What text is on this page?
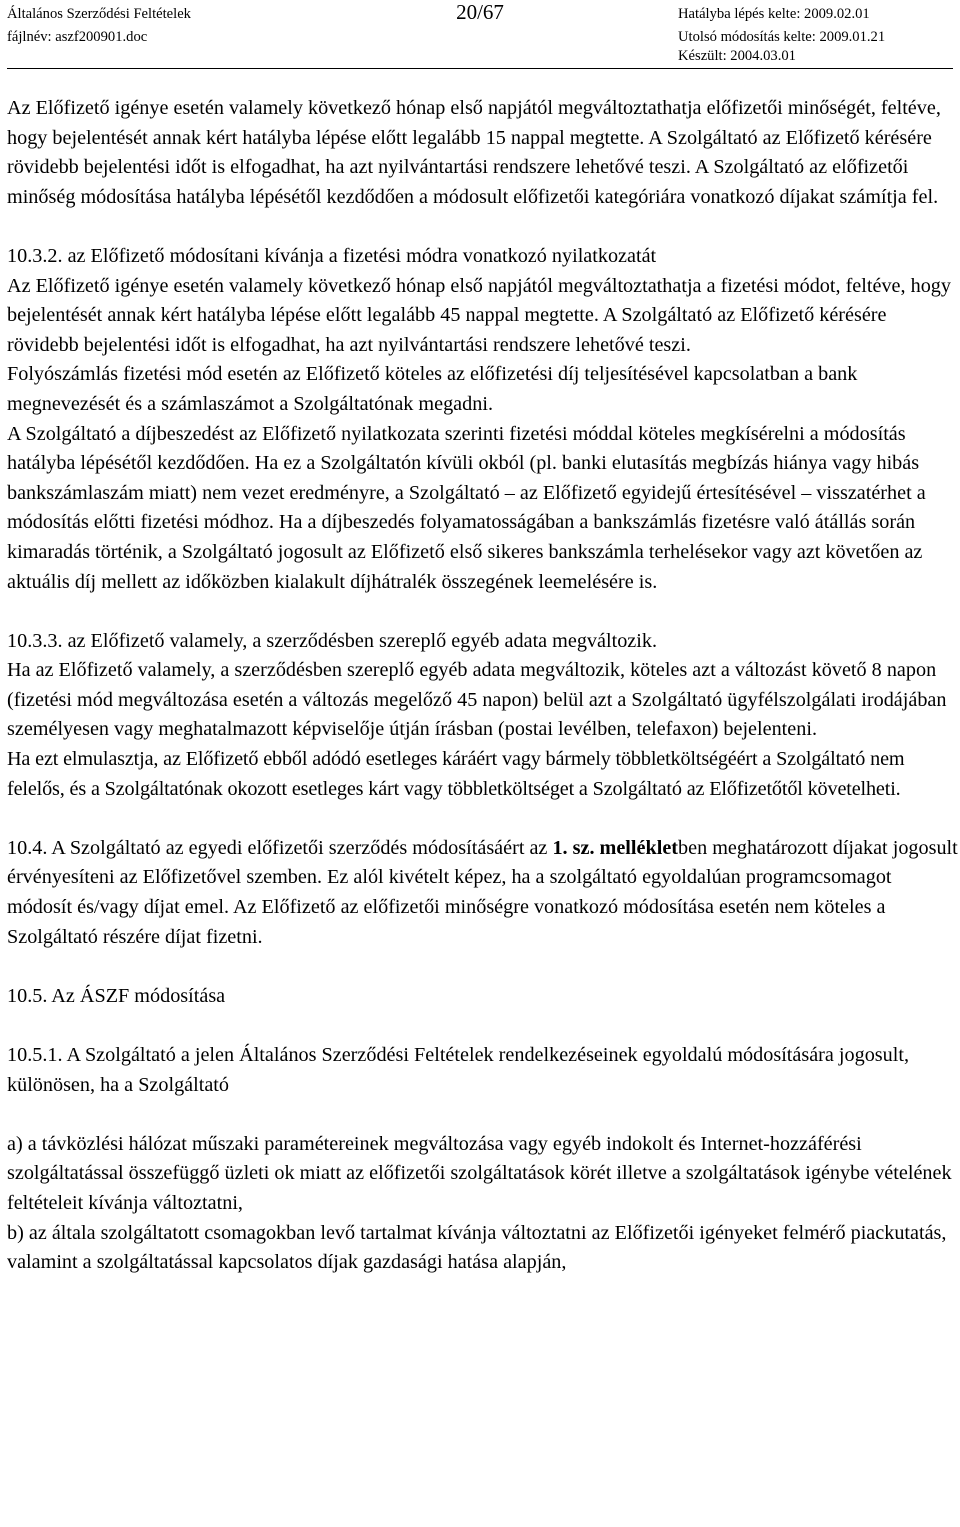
Általános Szerződési Feltételek
fájlnév: aszf200901.doc
20/67	Hatályba lépés kelte: 2009.02.01
Utolsó módosítás kelte: 2009.01.21
Készült: 2004.03.01

Az Előfizető igénye esetén valamely következő hónap első napjától megváltoztathatja előfizetői minőségét, feltéve, hogy bejelentését annak kért hatályba lépése előtt legalább 15 nappal megtette. A Szolgáltató az Előfizető kérésére rövidebb bejelentési időt is elfogadhat, ha azt nyilvántartási rendszere lehetővé teszi. A Szolgáltató az előfizetői minőség módosítása hatályba lépésétől kezdődően a módosult előfizetői kategóriára vonatkozó díjakat számítja fel.

10.3.2. az Előfizető módosítani kívánja a fizetési módra vonatkozó nyilatkozatát

Az Előfizető igénye esetén valamely következő hónap első napjától megváltoztathatja a fizetési módot, feltéve, hogy bejelentését annak kért hatályba lépése előtt legalább 45 nappal megtette. A Szolgáltató az Előfizető kérésére rövidebb bejelentési időt is elfogadhat, ha azt nyilvántartási rendszere lehetővé teszi.

Folyószámlás fizetési mód esetén az Előfizető köteles az előfizetési díj teljesítésével kapcsolatban a bank megnevezését és a számlaszámot a Szolgáltatónak megadni.

A Szolgáltató a díjbeszedést az Előfizető nyilatkozata szerinti fizetési móddal köteles megkísérelni a módosítás hatályba lépésétől kezdődően. Ha ez a Szolgáltatón kívüli okból (pl. banki elutasítás megbízás hiánya vagy hibás bankszámlaszám miatt) nem vezet eredményre, a Szolgáltató – az Előfizető egyidejű értesítésével – visszatérhet a módosítás előtti fizetési módhoz. Ha a díjbeszedés folyamatosságában a bankszámlás fizetésre való átállás során kimaradás történik, a Szolgáltató jogosult az Előfizető első sikeres bankszámla terhelésekor vagy azt követően az aktuális díj mellett az időközben kialakult díjhátralék összegének leemelésére is.

10.3.3. az Előfizető valamely, a szerződésben szereplő egyéb adata megváltozik.

Ha az Előfizető valamely, a szerződésben szereplő egyéb adata megváltozik, köteles azt a változást követő 8 napon (fizetési mód megváltozása esetén a változás megelőző 45 napon) belül azt a Szolgáltató ügyfélszolgálati irodájában személyesen vagy meghatalmazott képviselője útján írásban (postai levélben, telefaxon) bejelenteni.

Ha ezt elmulasztja, az Előfizető ebből adódó esetleges káráért vagy bármely többletköltségéért a Szolgáltató nem felelős, és a Szolgáltatónak okozott esetleges kárt vagy többletköltséget a Szolgáltató az Előfizetőtől követelheti.

10.4. A Szolgáltató az egyedi előfizetői szerződés módosításáért az 1. sz. mellékletben meghatározott díjakat jogosult érvényesíteni az Előfizetővel szemben. Ez alól kivételt képez, ha a szolgáltató egyoldalúan programcsomagot módosít és/vagy díjat emel. Az Előfizető az előfizetői minőségre vonatkozó módosítása esetén nem köteles a Szolgáltató részére díjat fizetni.

10.5. Az ÁSZF módosítása

10.5.1. A Szolgáltató a jelen Általános Szerződési Feltételek rendelkezéseinek egyoldalú módosítására jogosult, különösen, ha a Szolgáltató

a) a távközlési hálózat műszaki paramétereinek megváltozása vagy egyéb indokolt és Internet-hozzáférési szolgáltatással összefüggő üzleti ok miatt az előfizetői szolgáltatások körét illetve a szolgáltatások igénybe vételének feltételeit kívánja változtatni,

b) az általa szolgáltatott csomagokban levő tartalmat kívánja változtatni az Előfizetői igényeket felmérő piackutatás, valamint a szolgáltatással kapcsolatos díjak gazdasági hatása alapján,
